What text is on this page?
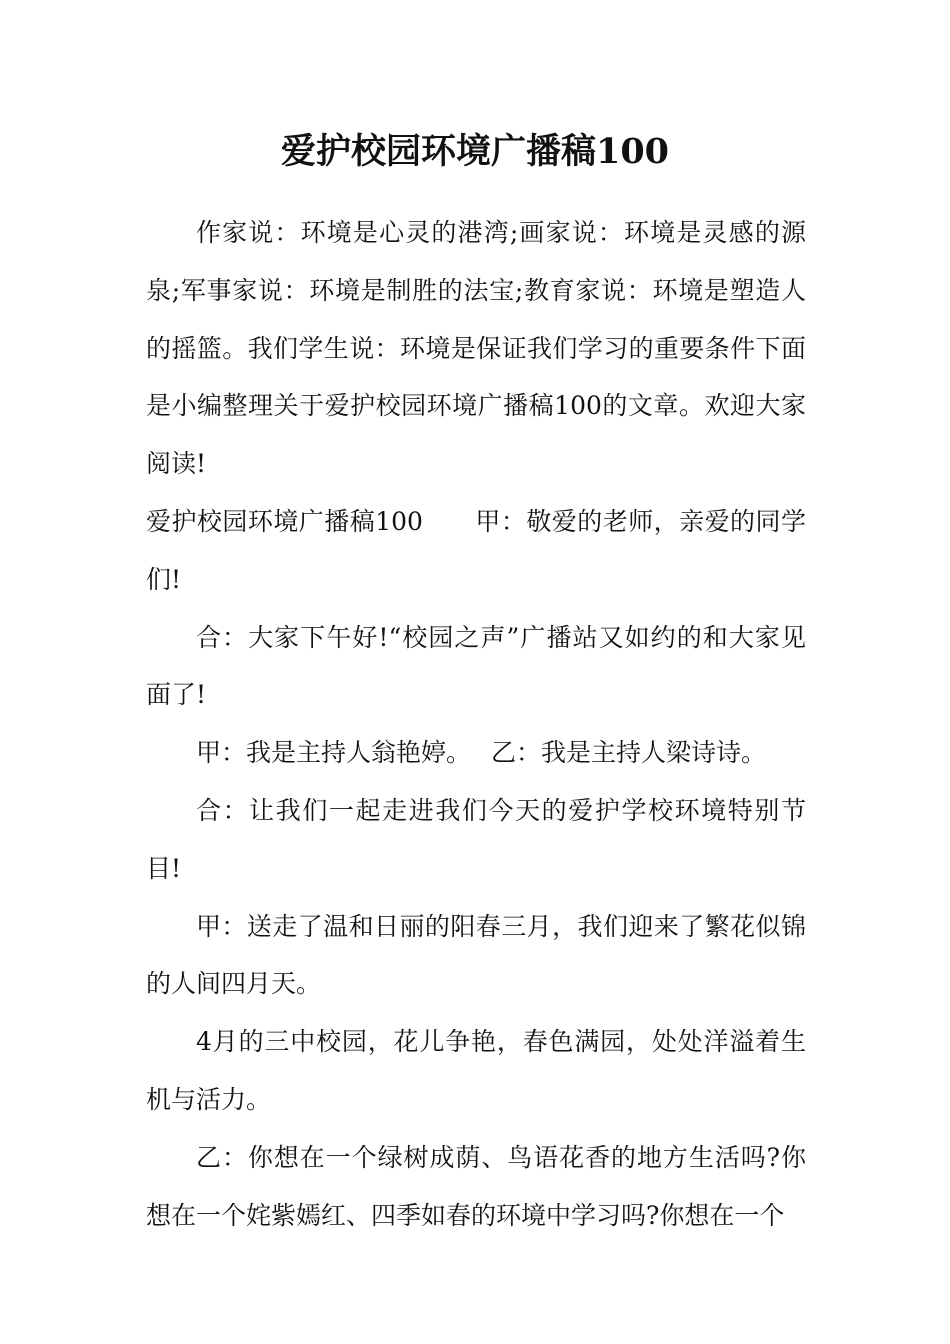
爱护校园环境广播稿100

作家说：环境是心灵的港湾;画家说：环境是灵感的源泉;军事家说：环境是制胜的法宝;教育家说：环境是塑造人的摇篮。我们学生说：环境是保证我们学习的重要条件下面是小编整理关于爱护校园环境广播稿100的文章。欢迎大家阅读!

爱护校园环境广播稿100 甲：敬爱的老师，亲爱的同学们!

合：大家下午好!“校园之声”广播站又如约的和大家见面了!

甲：我是主持人翁艳婷。 乙：我是主持人梁诗诗。

合：让我们一起走进我们今天的爱护学校环境特别节目!

甲：送走了温和日丽的阳春三月，我们迎来了繁花似锦的人间四月天。

4月的三中校园，花儿争艳，春色满园，处处洋溢着生机与活力。

乙：你想在一个绿树成荫、鸟语花香的地方生活吗?你想在一个姹紫嫣红、四季如春的环境中学习吗?你想在一个
